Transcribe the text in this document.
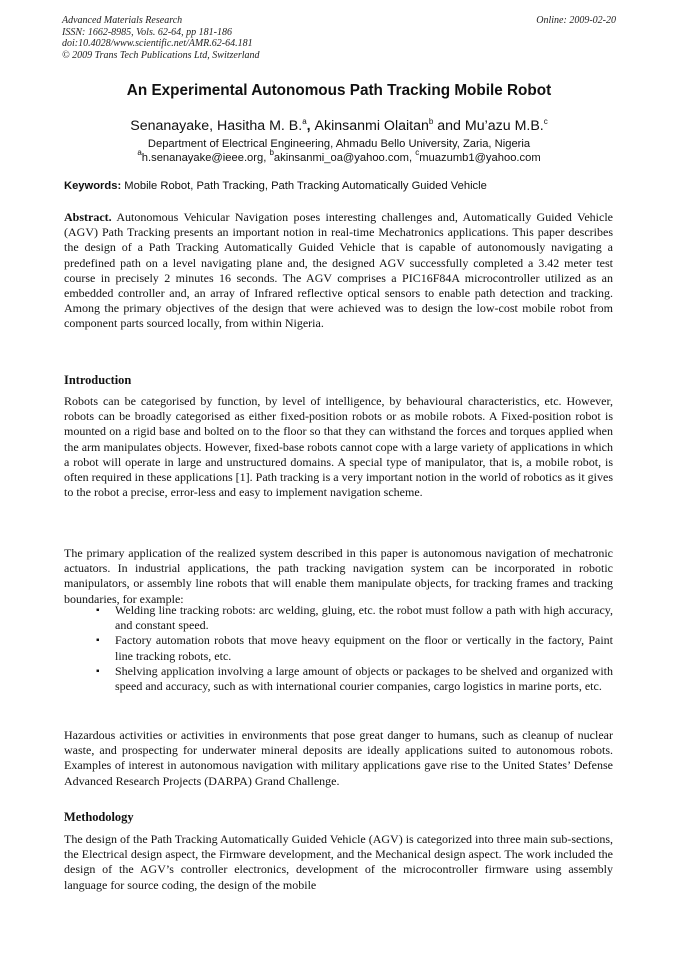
Advanced Materials Research
ISSN: 1662-8985, Vols. 62-64, pp 181-186
doi:10.4028/www.scientific.net/AMR.62-64.181
© 2009 Trans Tech Publications Ltd, Switzerland
Online: 2009-02-20
An Experimental Autonomous Path Tracking Mobile Robot
Senanayake, Hasitha M. B.$^a$, Akinsanmi Olaitan$^b$ and Mu’azu M.B.$^c$
Department of Electrical Engineering, Ahmadu Bello University, Zaria, Nigeria
$^a$h.senanayake@ieee.org, $^b$akinsanmi_oa@yahoo.com, $^c$muazumb1@yahoo.com
Keywords: Mobile Robot, Path Tracking, Path Tracking Automatically Guided Vehicle

Abstract. Autonomous Vehicular Navigation poses interesting challenges and, Automatically Guided Vehicle (AGV) Path Tracking presents an important notion in real-time Mechatronics applications. This paper describes the design of a Path Tracking Automatically Guided Vehicle that is capable of autonomously navigating a predefined path on a level navigating plane and, the designed AGV successfully completed a 3.42 meter test course in precisely 2 minutes 16 seconds. The AGV comprises a PIC16F84A microcontroller utilized as an embedded controller and, an array of Infrared reflective optical sensors to enable path detection and tracking. Among the primary objectives of the design that were achieved was to design the low-cost mobile robot from component parts sourced locally, from within Nigeria.

Introduction

Robots can be categorised by function, by level of intelligence, by behavioural characteristics, etc. However, robots can be broadly categorised as either fixed-position robots or as mobile robots. A Fixed-position robot is mounted on a rigid base and bolted on to the floor so that they can withstand the forces and torques applied when the arm manipulates objects. However, fixed-base robots cannot cope with a large variety of applications in which a robot will operate in large and unstructured domains. A special type of manipulator, that is, a mobile robot, is often required in these applications [1]. Path tracking is a very important notion in the world of robotics as it gives to the robot a precise, error-less and easy to implement navigation scheme.

The primary application of the realized system described in this paper is autonomous navigation of mechatronic actuators. In industrial applications, the path tracking navigation system can be incorporated in robotic manipulators, or assembly line robots that will enable them manipulate objects, for tracking frames and tracking boundaries, for example:

▪ Welding line tracking robots: arc welding, gluing, etc. the robot must follow a path with high accuracy, and constant speed.
▪ Factory automation robots that move heavy equipment on the floor or vertically in the factory, Paint line tracking robots, etc.
▪ Shelving application involving a large amount of objects or packages to be shelved and organized with speed and accuracy, such as with international courier companies, cargo logistics in marine ports, etc.

Hazardous activities or activities in environments that pose great danger to humans, such as cleanup of nuclear waste, and prospecting for underwater mineral deposits are ideally applications suited to autonomous robots. Examples of interest in autonomous navigation with military applications gave rise to the United States’ Defense Advanced Research Projects (DARPA) Grand Challenge.

Methodology

The design of the Path Tracking Automatically Guided Vehicle (AGV) is categorized into three main sub-sections, the Electrical design aspect, the Firmware development, and the Mechanical design aspect. The work included the design of the AGV’s controller electronics, development of the microcontroller firmware using assembly language for source coding, the design of the mobile
